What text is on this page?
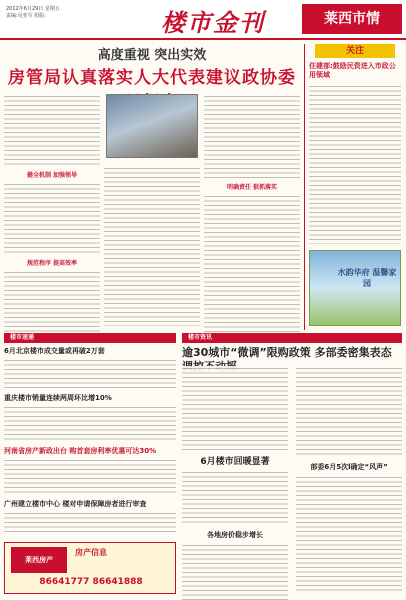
2012年6月29日 星期五
责编:吴亚军 组版:	楼市金刊	莱西市情
高度重视 突出实效
房管局认真落实人大代表建议政协委
健全机制 加强领导
规范程序 提高效率
明确责任 狠抓落实
关注
住建部:鼓励民资进入市政公用领域
水韵华府 温馨家园
楼市速递	楼市资讯
6月北京楼市成交量或再破2万套
重庆楼市销量连续两周环比增10%
河南省房产新政出台 购首套房利率优惠可达30%
广州建立楼市中心 楼对申请保障房者进行审查
莱西房产
房产信息
86641777 86641888
逾30城市“微调”限购政策 多部委密集表态
6月楼市回暖显著
各地房价稳步增长
部委6月5次l确定“风声”
